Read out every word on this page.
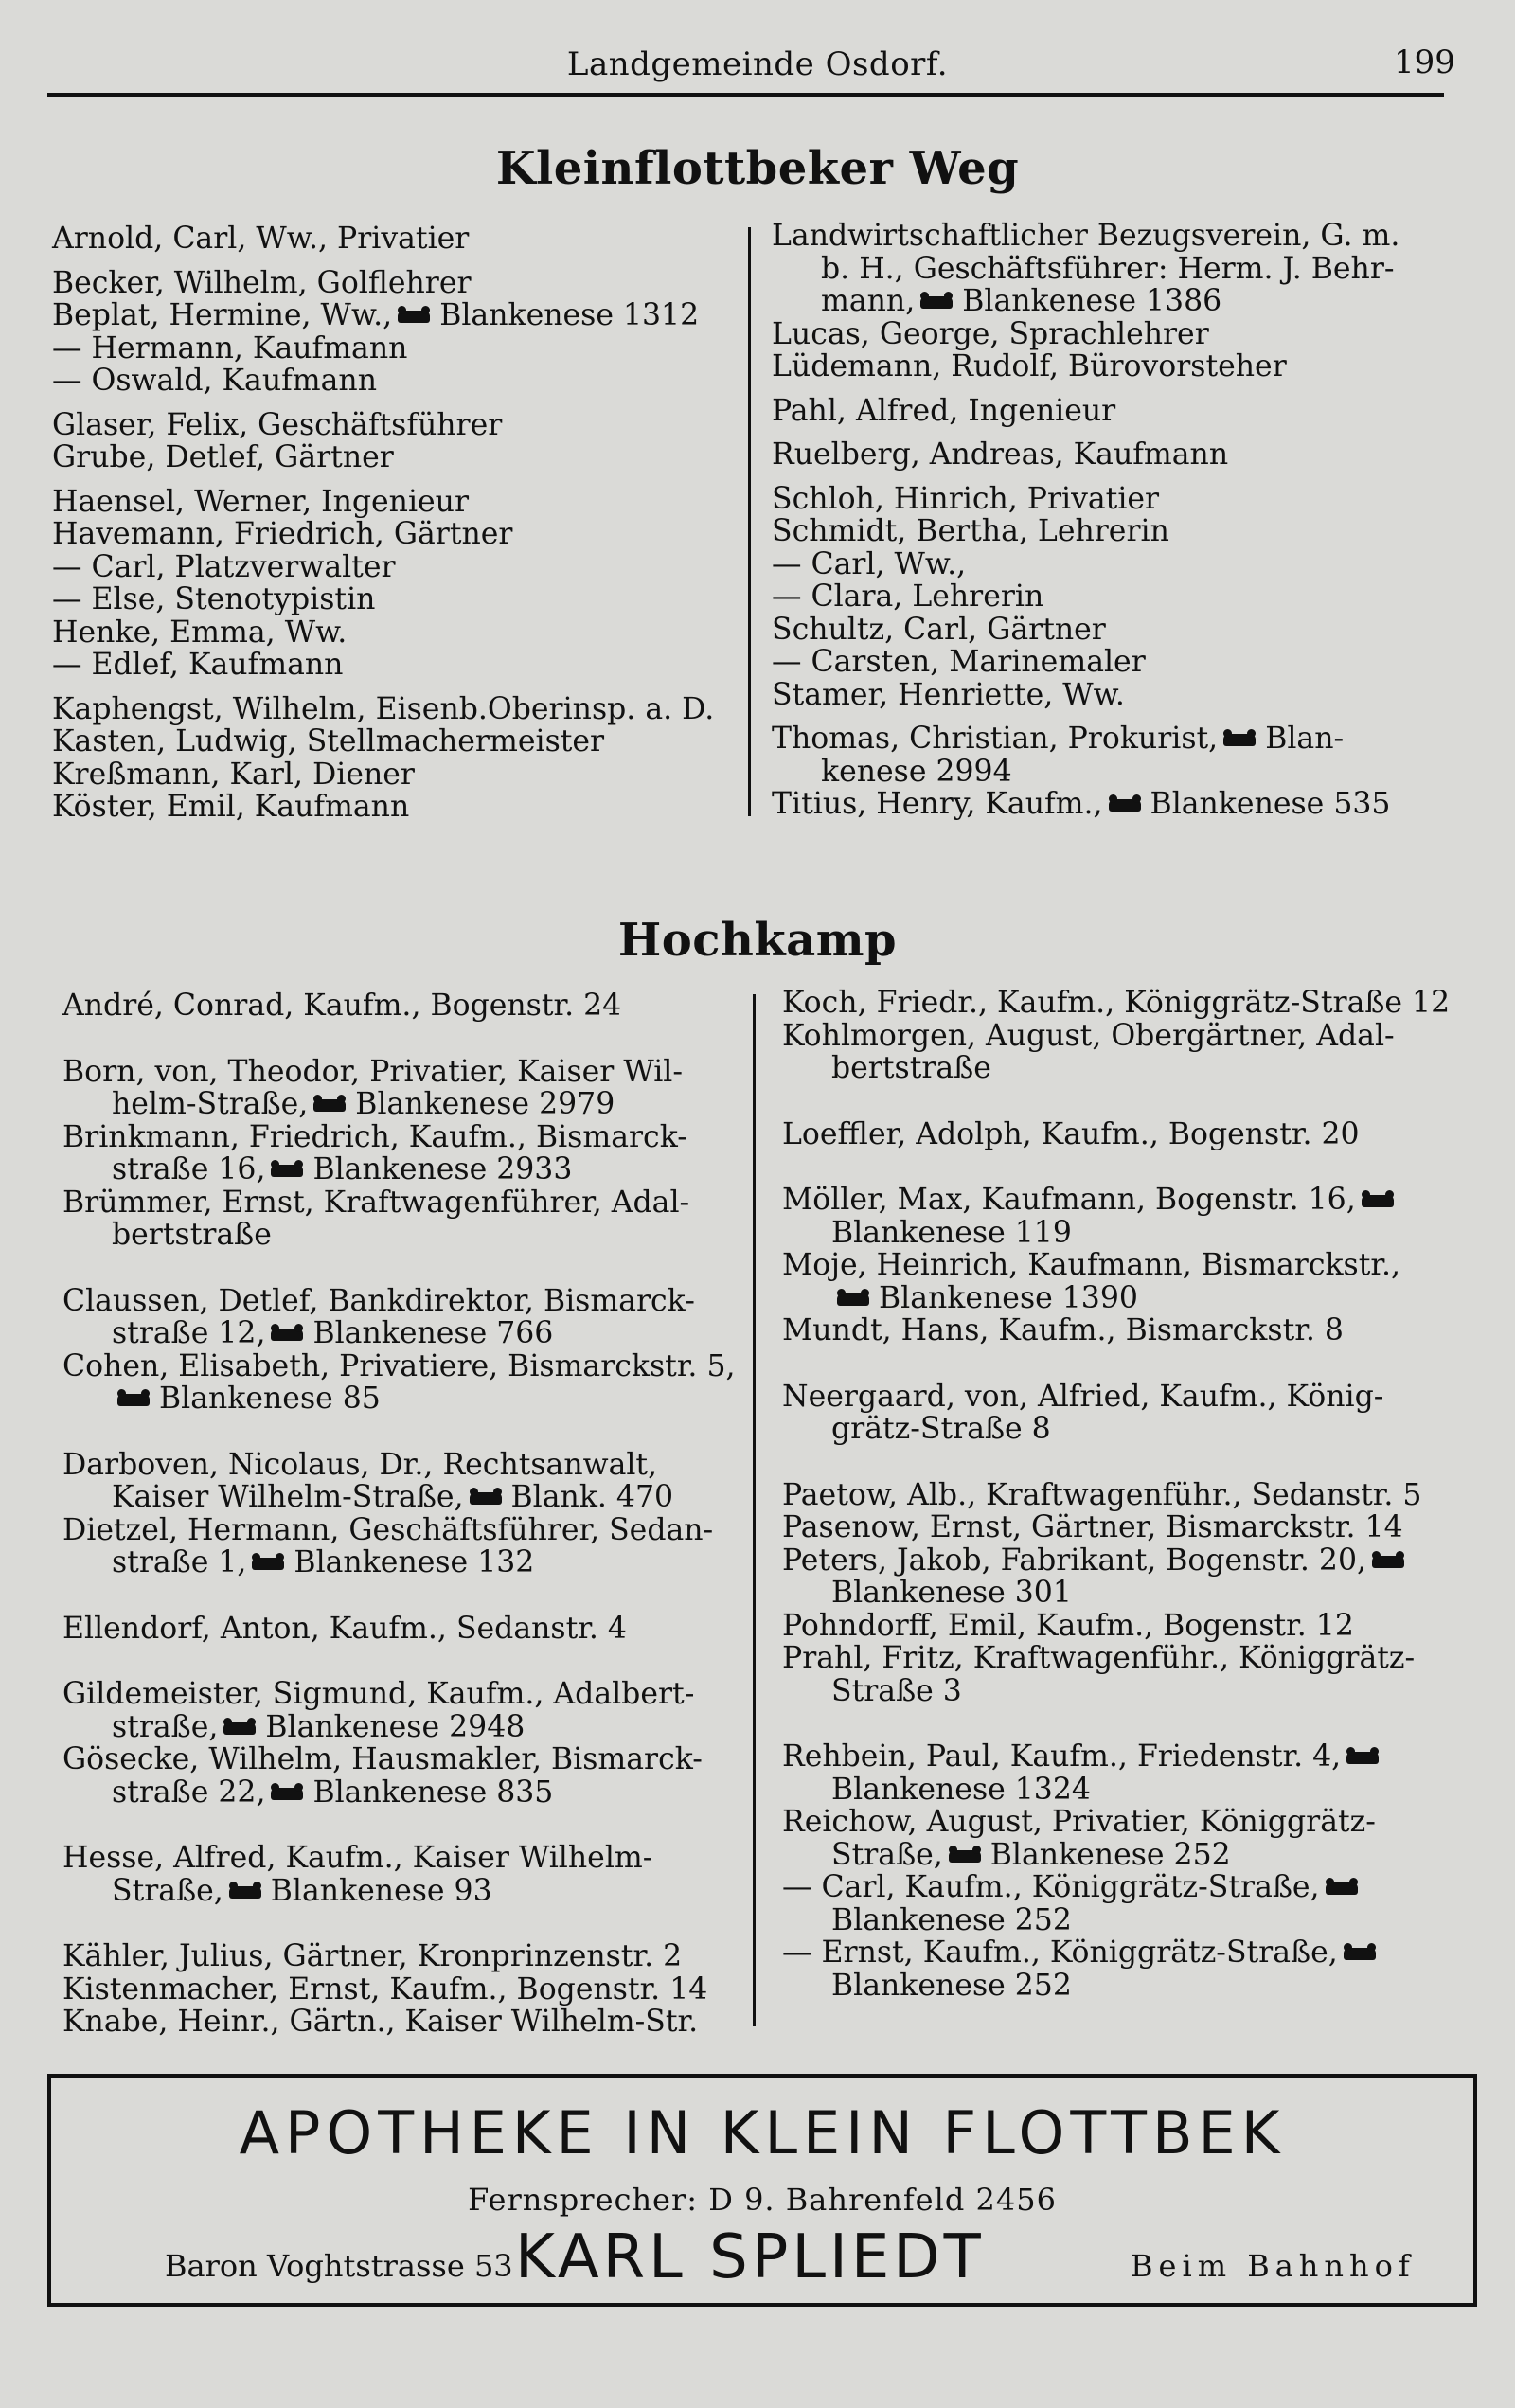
Landgemeinde Osdorf.	199
Kleinflottbeker Weg
Arnold, Carl, Ww., Privatier
Becker, Wilhelm, Golflehrer
Beplat, Hermine, Ww., Blankenese 1312
— Hermann, Kaufmann
— Oswald, Kaufmann
Glaser, Felix, Geschäftsführer
Grube, Detlef, Gärtner
Haensel, Werner, Ingenieur
Havemann, Friedrich, Gärtner
— Carl, Platzverwalter
— Else, Stenotypistin
Henke, Emma, Ww.
— Edlef, Kaufmann
Kaphengst, Wilhelm, Eisenb.Oberinsp. a. D.
Kasten, Ludwig, Stellmachermeister
Kreßmann, Karl, Diener
Köster, Emil, Kaufmann
Landwirtschaftlicher Bezugsverein, G. m.
b. H., Geschäftsführer: Herm. J. Behr-
mann, Blankenese 1386
Lucas, George, Sprachlehrer
Lüdemann, Rudolf, Bürovorsteher
Pahl, Alfred, Ingenieur
Ruelberg, Andreas, Kaufmann
Schloh, Hinrich, Privatier
Schmidt, Bertha, Lehrerin
— Carl, Ww.,
— Clara, Lehrerin
Schultz, Carl, Gärtner
— Carsten, Marinemaler
Stamer, Henriette, Ww.
Thomas, Christian, Prokurist, Blan-
kenese 2994
Titius, Henry, Kaufm., Blankenese 535
Hochkamp
André, Conrad, Kaufm., Bogenstr. 24
Born, von, Theodor, Privatier, Kaiser Wil-
helm-Straße, Blankenese 2979
Brinkmann, Friedrich, Kaufm., Bismarck-
straße 16, Blankenese 2933
Brümmer, Ernst, Kraftwagenführer, Adal-
bertstraße
Claussen, Detlef, Bankdirektor, Bismarck-
straße 12, Blankenese 766
Cohen, Elisabeth, Privatiere, Bismarckstr. 5,
Blankenese 85
Darboven, Nicolaus, Dr., Rechtsanwalt,
Kaiser Wilhelm-Straße, Blank. 470
Dietzel, Hermann, Geschäftsführer, Sedan-
straße 1, Blankenese 132
Ellendorf, Anton, Kaufm., Sedanstr. 4
Gildemeister, Sigmund, Kaufm., Adalbert-
straße, Blankenese 2948
Gösecke, Wilhelm, Hausmakler, Bismarck-
straße 22, Blankenese 835
Hesse, Alfred, Kaufm., Kaiser Wilhelm-
Straße, Blankenese 93
Kähler, Julius, Gärtner, Kronprinzenstr. 2
Kistenmacher, Ernst, Kaufm., Bogenstr. 14
Knabe, Heinr., Gärtn., Kaiser Wilhelm-Str.
Koch, Friedr., Kaufm., Königgrätz-Straße 12
Kohlmorgen, August, Obergärtner, Adal-
bertstraße
Loeffler, Adolph, Kaufm., Bogenstr. 20
Möller, Max, Kaufmann, Bogenstr. 16,
Blankenese 119
Moje, Heinrich, Kaufmann, Bismarckstr.,
Blankenese 1390
Mundt, Hans, Kaufm., Bismarckstr. 8
Neergaard, von, Alfried, Kaufm., König-
grätz-Straße 8
Paetow, Alb., Kraftwagenführ., Sedanstr. 5
Pasenow, Ernst, Gärtner, Bismarckstr. 14
Peters, Jakob, Fabrikant, Bogenstr. 20,
Blankenese 301
Pohndorff, Emil, Kaufm., Bogenstr. 12
Prahl, Fritz, Kraftwagenführ., Königgrätz-
Straße 3
Rehbein, Paul, Kaufm., Friedenstr. 4,
Blankenese 1324
Reichow, August, Privatier, Königgrätz-
Straße, Blankenese 252
— Carl, Kaufm., Königgrätz-Straße,
Blankenese 252
— Ernst, Kaufm., Königgrätz-Straße,
Blankenese 252
APOTHEKE IN KLEIN FLOTTBEK
Fernsprecher: D 9. Bahrenfeld 2456
Baron Voghtstrasse 53 KARL SPLIEDT	Beim Bahnhof
